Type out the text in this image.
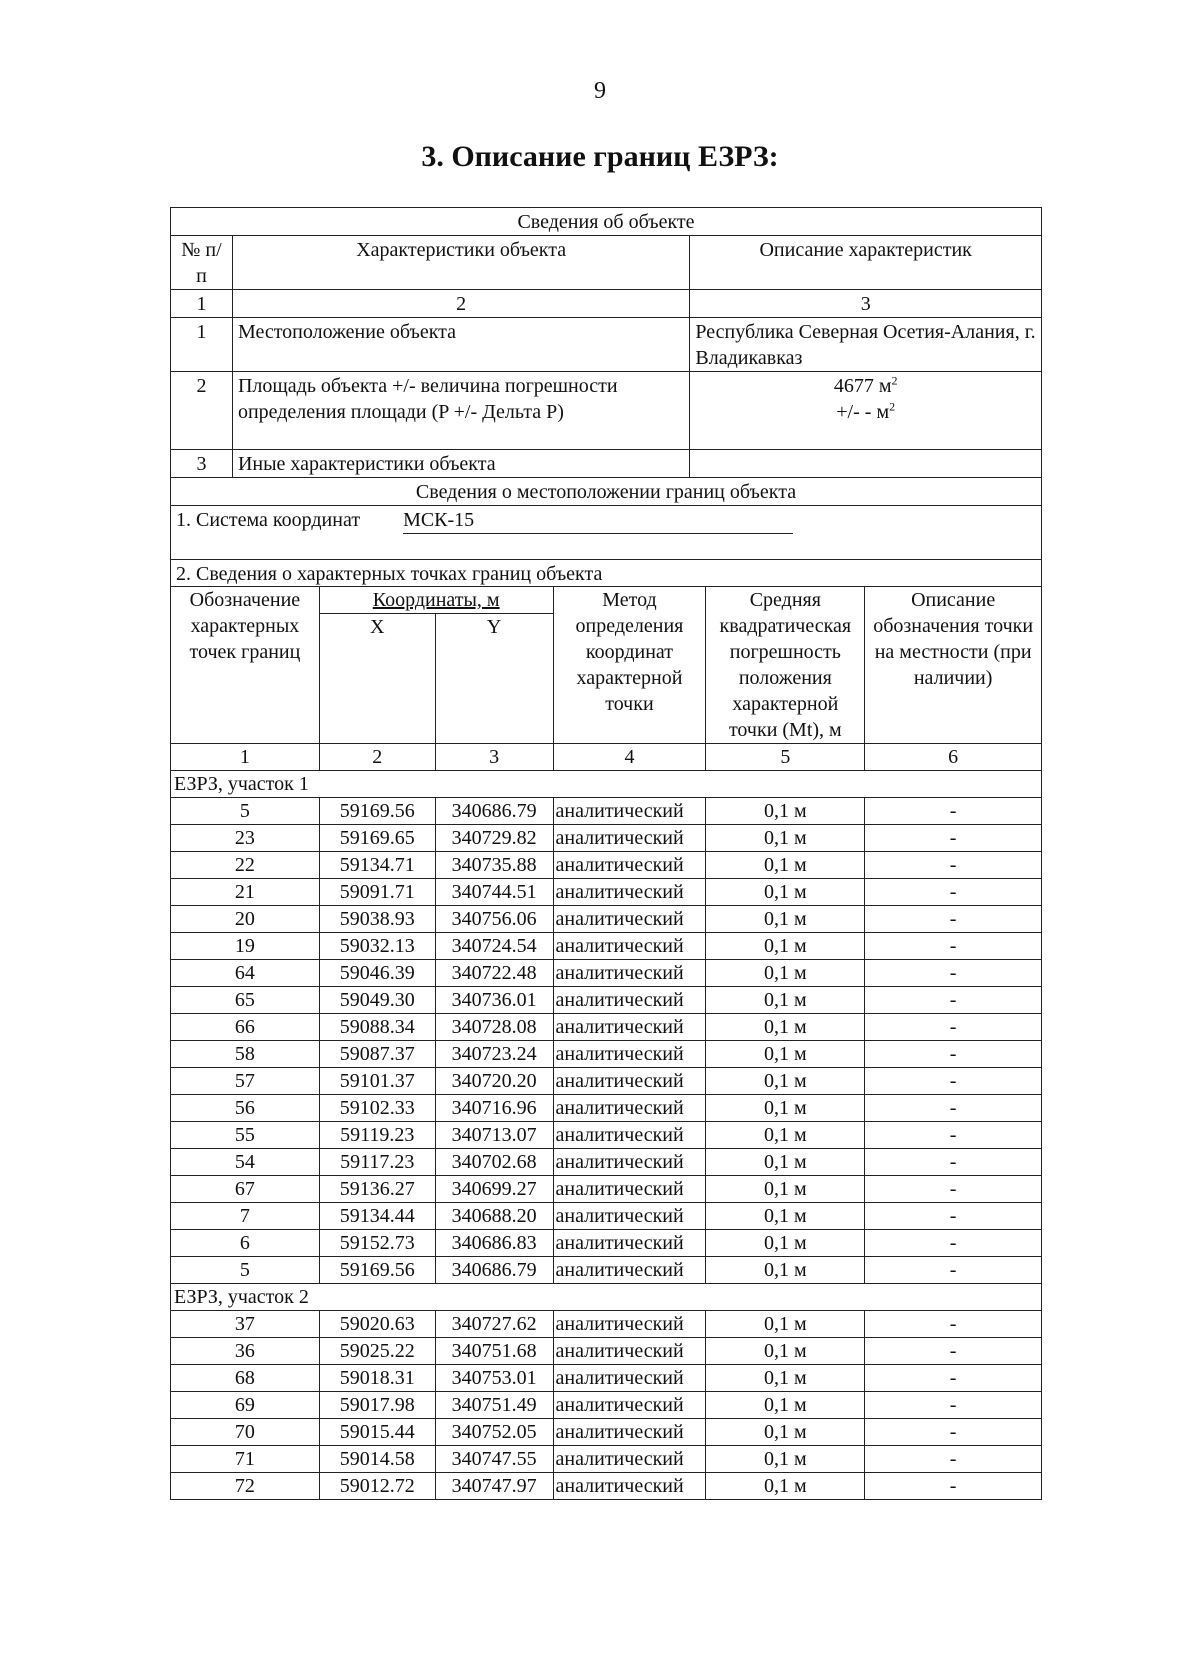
9
3. Описание границ ЕЗРЗ:
Сведения об объекте		
№ п/п	Характеристики объекта	Описание характеристик
1	2	3
1	Местоположение объекта	Республика Северная Осетия-Алания, г. Владикавказ
2	Площадь объекта +/- величина погрешности определения площади (P +/- Дельта P)	4677 $м^2$
+/- - $м^2$

3	Иные характеристики объекта	
Сведения о местоположении границ объекта		
1. Система координат МСК-15		
2. Сведения о характерных точках границ объекта		
Обозначение характерных точек границ	Координаты, м		Метод определения координат характерной точки	Средняя квадратическая погрешность положения характерной точки (Mt), м	Описание обозначения точки на местности (при наличии)
	X	Y			
1	2	3	4	5	6
ЕЗРЗ, участок 1					
5	59169.56	340686.79	аналитический	0,1 м	-
23	59169.65	340729.82	аналитический	0,1 м	-
22	59134.71	340735.88	аналитический	0,1 м	-
21	59091.71	340744.51	аналитический	0,1 м	-
20	59038.93	340756.06	аналитический	0,1 м	-
19	59032.13	340724.54	аналитический	0,1 м	-
64	59046.39	340722.48	аналитический	0,1 м	-
65	59049.30	340736.01	аналитический	0,1 м	-
66	59088.34	340728.08	аналитический	0,1 м	-
58	59087.37	340723.24	аналитический	0,1 м	-
57	59101.37	340720.20	аналитический	0,1 м	-
56	59102.33	340716.96	аналитический	0,1 м	-
55	59119.23	340713.07	аналитический	0,1 м	-
54	59117.23	340702.68	аналитический	0,1 м	-
67	59136.27	340699.27	аналитический	0,1 м	-
7	59134.44	340688.20	аналитический	0,1 м	-
6	59152.73	340686.83	аналитический	0,1 м	-
5	59169.56	340686.79	аналитический	0,1 м	-
ЕЗРЗ, участок 2					
37	59020.63	340727.62	аналитический	0,1 м	-
36	59025.22	340751.68	аналитический	0,1 м	-
68	59018.31	340753.01	аналитический	0,1 м	-
69	59017.98	340751.49	аналитический	0,1 м	-
70	59015.44	340752.05	аналитический	0,1 м	-
71	59014.58	340747.55	аналитический	0,1 м	-
72	59012.72	340747.97	аналитический	0,1 м	-
